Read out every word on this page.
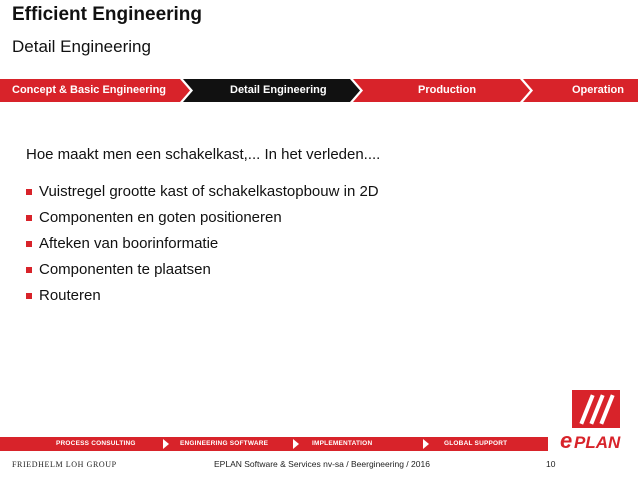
Efficient Engineering
Detail Engineering
Concept & Basic Engineering	Detail Engineering	Production	Operation
Hoe maakt men een schakelkast,... In het verleden....
Vuistregel grootte kast of schakelkastopbouw in 2D
Componenten en goten positioneren
Afteken van boorinformatie
Componenten te plaatsen
Routeren
e PLAN
PROCESS CONSULTING	ENGINEERING SOFTWARE	IMPLEMENTATION	GLOBAL SUPPORT
FRIEDHELM LOH GROUP	EPLAN Software & Services nv-sa / Beergineering / 2016	10
